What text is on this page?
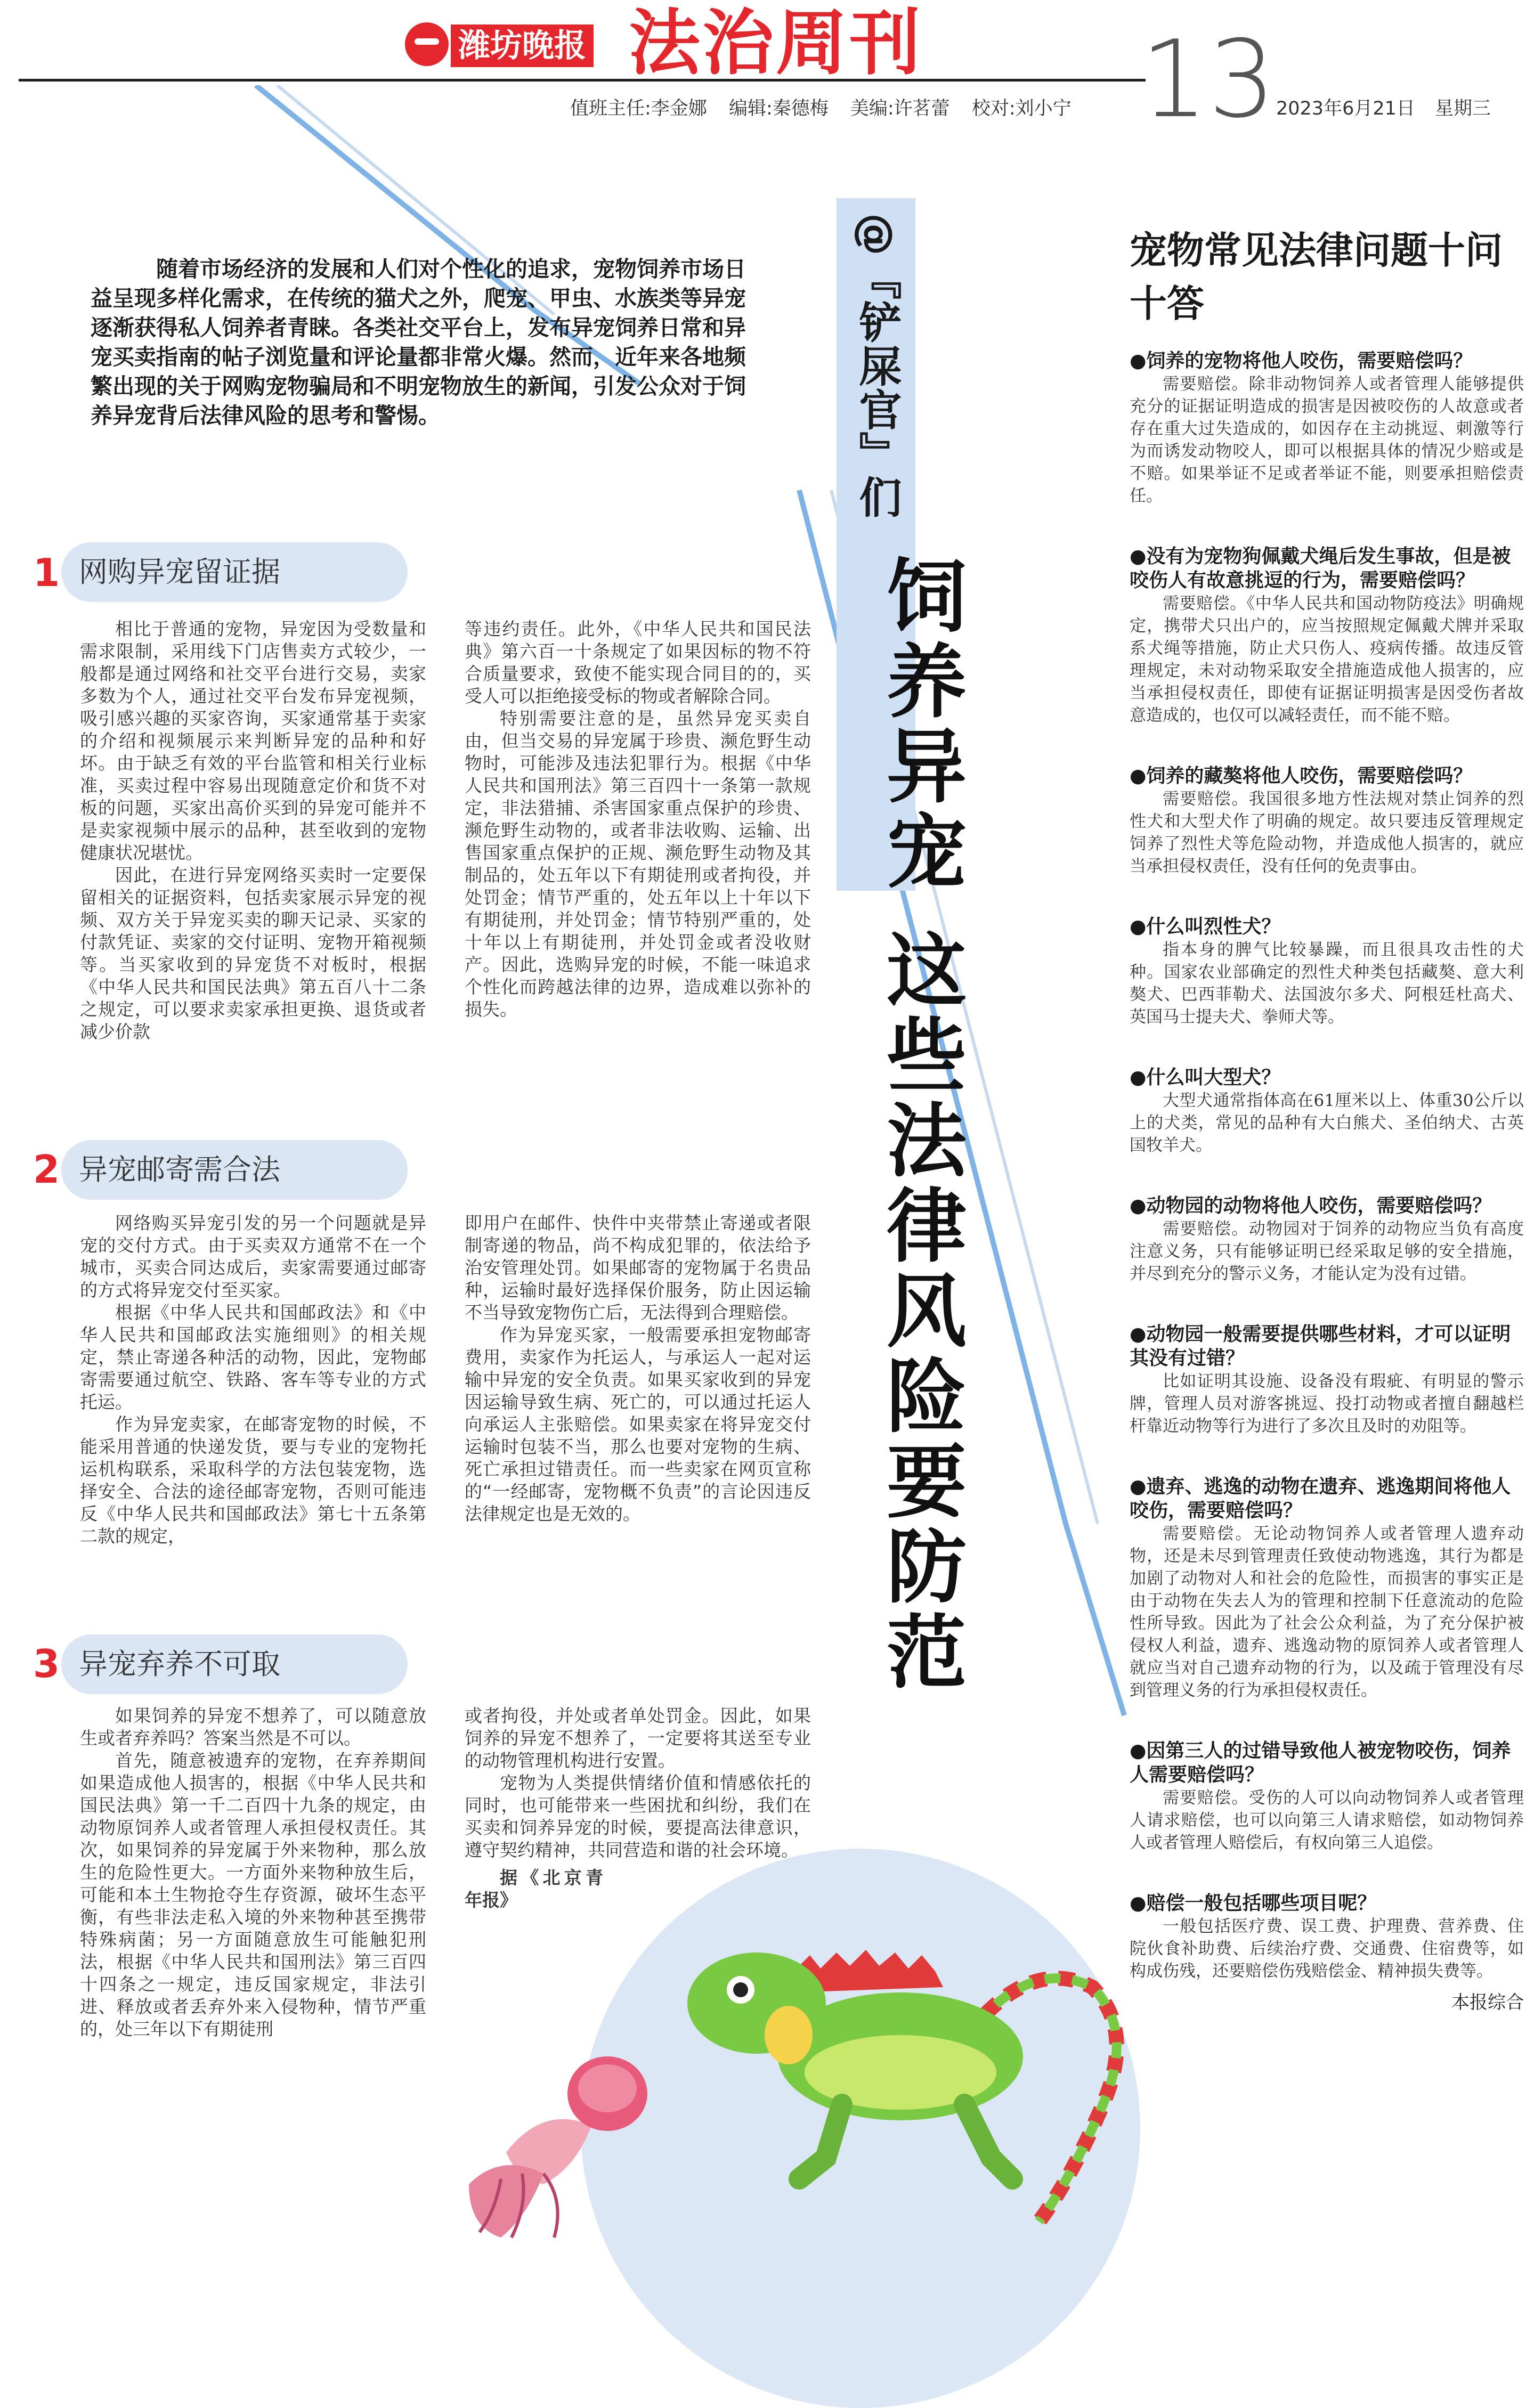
潍坊晚报 法治周刊
值班主任:李金娜 编辑:秦德梅 美编:许茗蕾 校对:刘小宁 13 2023年6月21日 星期三

随着市场经济的发展和人们对个性化的追求，宠物饲养市场日益呈现多样化需求，在传统的猫犬之外，爬宠、甲虫、水族类等异宠逐渐获得私人饲养者青睐。各类社交平台上，发布异宠饲养日常和异宠买卖指南的帖子浏览量和评论量都非常火爆。然而，近年来各地频繁出现的关于网购宠物骗局和不明宠物放生的新闻，引发公众对于饲养异宠背后法律风险的思考和警惕。

1 网购异宠留证据

相比于普通的宠物，异宠因为受数量和需求限制，采用线下门店售卖方式较少，一般都是通过网络和社交平台进行交易，卖家多数为个人，通过社交平台发布异宠视频，吸引感兴趣的买家咨询，买家通常基于卖家的介绍和视频展示来判断异宠的品种和好坏。由于缺乏有效的平台监管和相关行业标准，买卖过程中容易出现随意定价和货不对板的问题，买家出高价买到的异宠可能并不是卖家视频中展示的品种，甚至收到的宠物健康状况堪忧。

因此，在进行异宠网络买卖时一定要保留相关的证据资料，包括卖家展示异宠的视频、双方关于异宠买卖的聊天记录、买家的付款凭证、卖家的交付证明、宠物开箱视频等。当买家收到的异宠货不对板时，根据《中华人民共和国民法典》第五百八十二条之规定，可以要求卖家承担更换、退货或者减少价款

等违约责任。此外，《中华人民共和国民法典》第六百一十条规定了如果因标的物不符合质量要求，致使不能实现合同目的的，买受人可以拒绝接受标的物或者解除合同。

特别需要注意的是，虽然异宠买卖自由，但当交易的异宠属于珍贵、濒危野生动物时，可能涉及违法犯罪行为。根据《中华人民共和国刑法》第三百四十一条第一款规定，非法猎捕、杀害国家重点保护的珍贵、濒危野生动物的，或者非法收购、运输、出售国家重点保护的正规、濒危野生动物及其制品的，处五年以下有期徒刑或者拘役，并处罚金；情节严重的，处五年以上十年以下有期徒刑，并处罚金；情节特别严重的，处十年以上有期徒刑，并处罚金或者没收财产。因此，选购异宠的时候，不能一味追求个性化而跨越法律的边界，造成难以弥补的损失。

2 异宠邮寄需合法

网络购买异宠引发的另一个问题就是异宠的交付方式。由于买卖双方通常不在一个城市，买卖合同达成后，卖家需要通过邮寄的方式将异宠交付至买家。

根据《中华人民共和国邮政法》和《中华人民共和国邮政法实施细则》的相关规定，禁止寄递各种活的动物，因此，宠物邮寄需要通过航空、铁路、客车等专业的方式托运。

作为异宠卖家，在邮寄宠物的时候，不能采用普通的快递发货，要与专业的宠物托运机构联系，采取科学的方法包装宠物，选择安全、合法的途径邮寄宠物，否则可能违反《中华人民共和国邮政法》第七十五条第二款的规定，

即用户在邮件、快件中夹带禁止寄递或者限制寄递的物品，尚不构成犯罪的，依法给予治安管理处罚。如果邮寄的宠物属于名贵品种，运输时最好选择保价服务，防止因运输不当导致宠物伤亡后，无法得到合理赔偿。

作为异宠买家，一般需要承担宠物邮寄费用，卖家作为托运人，与承运人一起对运输中异宠的安全负责。如果买家收到的异宠因运输导致生病、死亡的，可以通过托运人向承运人主张赔偿。如果卖家在将异宠交付运输时包装不当，那么也要对宠物的生病、死亡承担过错责任。而一些卖家在网页宣称的“一经邮寄，宠物概不负责”的言论因违反法律规定也是无效的。

3 异宠弃养不可取

如果饲养的异宠不想养了，可以随意放生或者弃养吗？答案当然是不可以。

首先，随意被遗弃的宠物，在弃养期间如果造成他人损害的，根据《中华人民共和国民法典》第一千二百四十九条的规定，由动物原饲养人或者管理人承担侵权责任。其次，如果饲养的异宠属于外来物种，那么放生的危险性更大。一方面外来物种放生后，可能和本土生物抢夺生存资源，破坏生态平衡，有些非法走私入境的外来物种甚至携带特殊病菌；另一方面随意放生可能触犯刑法，根据《中华人民共和国刑法》第三百四十四条之一规定，违反国家规定，非法引进、释放或者丢弃外来入侵物种，情节严重的，处三年以下有期徒刑

或者拘役，并处或者单处罚金。因此，如果饲养的异宠不想养了，一定要将其送至专业的动物管理机构进行安置。

宠物为人类提供情绪价值和情感依托的同时，也可能带来一些困扰和纠纷，我们在买卖和饲养异宠的时候，要提高法律意识，遵守契约精神，共同营造和谐的社会环境。

据《北京青年报》

@『铲屎官』们
饲养异宠 这些法律风险要防范
宠物常见法律问题十问十答
●饲养的宠物将他人咬伤，需要赔偿吗？
需要赔偿。除非动物饲养人或者管理人能够提供充分的证据证明造成的损害是因被咬伤的人故意或者存在重大过失造成的，如因存在主动挑逗、刺激等行为而诱发动物咬人，即可以根据具体的情况少赔或是不赔。如果举证不足或者举证不能，则要承担赔偿责任。
●没有为宠物狗佩戴犬绳后发生事故，但是被咬伤人有故意挑逗的行为，需要赔偿吗？
需要赔偿。《中华人民共和国动物防疫法》明确规定，携带犬只出户的，应当按照规定佩戴犬牌并采取系犬绳等措施，防止犬只伤人、疫病传播。故违反管理规定，未对动物采取安全措施造成他人损害的，应当承担侵权责任，即使有证据证明损害是因受伤者故意造成的，也仅可以减轻责任，而不能不赔。
●饲养的藏獒将他人咬伤，需要赔偿吗？
需要赔偿。我国很多地方性法规对禁止饲养的烈性犬和大型犬作了明确的规定。故只要违反管理规定饲养了烈性犬等危险动物，并造成他人损害的，就应当承担侵权责任，没有任何的免责事由。
●什么叫烈性犬？
指本身的脾气比较暴躁，而且很具攻击性的犬种。国家农业部确定的烈性犬种类包括藏獒、意大利獒犬、巴西菲勒犬、法国波尔多犬、阿根廷杜高犬、英国马士提夫犬、拳师犬等。
●什么叫大型犬？
大型犬通常指体高在61厘米以上、体重30公斤以上的犬类，常见的品种有大白熊犬、圣伯纳犬、古英国牧羊犬。
●动物园的动物将他人咬伤，需要赔偿吗？
需要赔偿。动物园对于饲养的动物应当负有高度注意义务，只有能够证明已经采取足够的安全措施，并尽到充分的警示义务，才能认定为没有过错。
●动物园一般需要提供哪些材料，才可以证明其没有过错？
比如证明其设施、设备没有瑕疵、有明显的警示牌，管理人员对游客挑逗、投打动物或者擅自翻越栏杆靠近动物等行为进行了多次且及时的劝阻等。
●遗弃、逃逸的动物在遗弃、逃逸期间将他人咬伤，需要赔偿吗？
需要赔偿。无论动物饲养人或者管理人遗弃动物，还是未尽到管理责任致使动物逃逸，其行为都是加剧了动物对人和社会的危险性，而损害的事实正是由于动物在失去人为的管理和控制下任意流动的危险性所导致。因此为了社会公众利益，为了充分保护被侵权人利益，遗弃、逃逸动物的原饲养人或者管理人就应当对自己遗弃动物的行为，以及疏于管理没有尽到管理义务的行为承担侵权责任。
●因第三人的过错导致他人被宠物咬伤，饲养人需要赔偿吗？
需要赔偿。受伤的人可以向动物饲养人或者管理人请求赔偿，也可以向第三人请求赔偿，如动物饲养人或者管理人赔偿后，有权向第三人追偿。
●赔偿一般包括哪些项目呢？
一般包括医疗费、误工费、护理费、营养费、住院伙食补助费、后续治疗费、交通费、住宿费等，如构成伤残，还要赔偿伤残赔偿金、精神损失费等。
本报综合
